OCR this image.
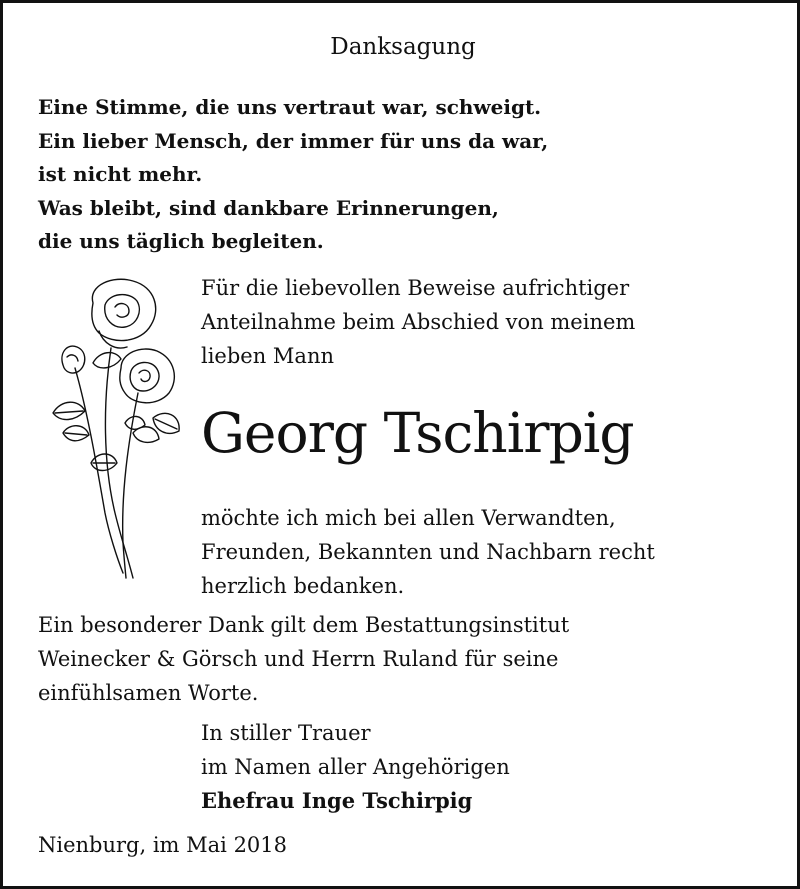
Danksagung
Eine Stimme, die uns vertraut war, schweigt.
Ein lieber Mensch, der immer für uns da war,
ist nicht mehr.
Was bleibt, sind dankbare Erinnerungen,
die uns täglich begleiten.
Für die liebevollen Beweise aufrichtiger
Anteilnahme beim Abschied von meinem
lieben Mann
Georg Tschirpig
möchte ich mich bei allen Verwandten,
Freunden, Bekannten und Nachbarn recht
herzlich bedanken.
Ein besonderer Dank gilt dem Bestattungsinstitut
Weinecker & Görsch und Herrn Ruland für seine
einfühlsamen Worte.
In stiller Trauer
im Namen aller Angehörigen
Ehefrau Inge Tschirpig
Nienburg, im Mai 2018
